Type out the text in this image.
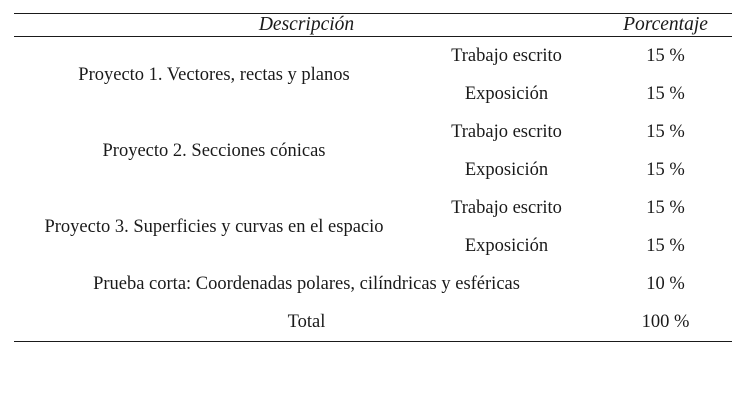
Descripción		Porcentaje

Proyecto 1. Vectores, rectas y planos	Trabajo escrito	15 %
	Exposición	15 %
Proyecto 2. Secciones cónicas	Trabajo escrito	15 %
	Exposición	15 %
Proyecto 3. Superficies y curvas en el espacio	Trabajo escrito	15 %
	Exposición	15 %
Prueba corta: Coordenadas polares, cilíndricas y esféricas		10 %
Total		100 %
